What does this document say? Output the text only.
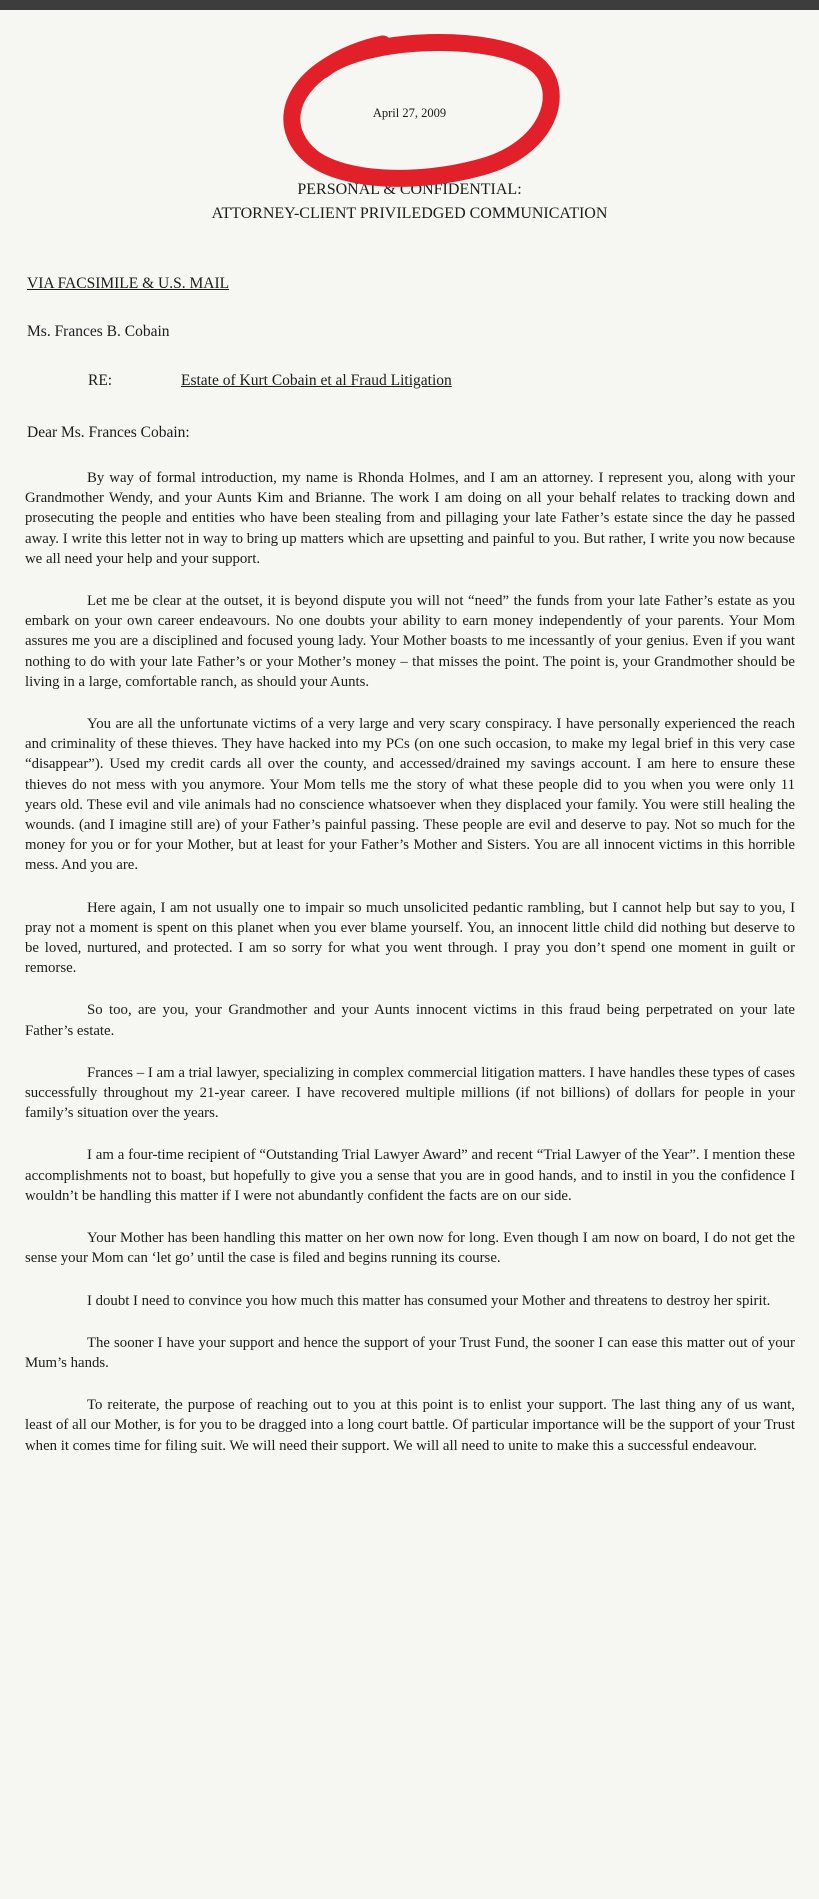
April 27, 2009
PERSONAL & CONFIDENTIAL:
ATTORNEY-CLIENT PRIVILEDGED COMMUNICATION
VIA FACSIMILE & U.S. MAIL
Ms. Frances B. Cobain
RE:	Estate of Kurt Cobain et al Fraud Litigation
Dear Ms. Frances Cobain:

By way of formal introduction, my name is Rhonda Holmes, and I am an attorney. I represent you, along with your Grandmother Wendy, and your Aunts Kim and Brianne. The work I am doing on all your behalf relates to tracking down and prosecuting the people and entities who have been stealing from and pillaging your late Father’s estate since the day he passed away. I write this letter not in way to bring up matters which are upsetting and painful to you. But rather, I write you now because we all need your help and your support.

Let me be clear at the outset, it is beyond dispute you will not “need” the funds from your late Father’s estate as you embark on your own career endeavours. No one doubts your ability to earn money independently of your parents. Your Mom assures me you are a disciplined and focused young lady. Your Mother boasts to me incessantly of your genius. Even if you want nothing to do with your late Father’s or your Mother’s money – that misses the point. The point is, your Grandmother should be living in a large, comfortable ranch, as should your Aunts.

You are all the unfortunate victims of a very large and very scary conspiracy. I have personally experienced the reach and criminality of these thieves. They have hacked into my PCs (on one such occasion, to make my legal brief in this very case “disappear”). Used my credit cards all over the county, and accessed/drained my savings account. I am here to ensure these thieves do not mess with you anymore. Your Mom tells me the story of what these people did to you when you were only 11 years old. These evil and vile animals had no conscience whatsoever when they displaced your family. You were still healing the wounds. (and I imagine still are) of your Father’s painful passing. These people are evil and deserve to pay. Not so much for the money for you or for your Mother, but at least for your Father’s Mother and Sisters. You are all innocent victims in this horrible mess. And you are.

Here again, I am not usually one to impair so much unsolicited pedantic rambling, but I cannot help but say to you, I pray not a moment is spent on this planet when you ever blame yourself. You, an innocent little child did nothing but deserve to be loved, nurtured, and protected. I am so sorry for what you went through. I pray you don’t spend one moment in guilt or remorse.

So too, are you, your Grandmother and your Aunts innocent victims in this fraud being perpetrated on your late Father’s estate.

Frances – I am a trial lawyer, specializing in complex commercial litigation matters. I have handles these types of cases successfully throughout my 21-year career. I have recovered multiple millions (if not billions) of dollars for people in your family’s situation over the years.

I am a four-time recipient of “Outstanding Trial Lawyer Award” and recent “Trial Lawyer of the Year”. I mention these accomplishments not to boast, but hopefully to give you a sense that you are in good hands, and to instil in you the confidence I wouldn’t be handling this matter if I were not abundantly confident the facts are on our side.

Your Mother has been handling this matter on her own now for long. Even though I am now on board, I do not get the sense your Mom can ‘let go’ until the case is filed and begins running its course.

I doubt I need to convince you how much this matter has consumed your Mother and threatens to destroy her spirit.

The sooner I have your support and hence the support of your Trust Fund, the sooner I can ease this matter out of your Mum’s hands.

To reiterate, the purpose of reaching out to you at this point is to enlist your support. The last thing any of us want, least of all our Mother, is for you to be dragged into a long court battle. Of particular importance will be the support of your Trust when it comes time for filing suit. We will need their support. We will all need to unite to make this a successful endeavour.
